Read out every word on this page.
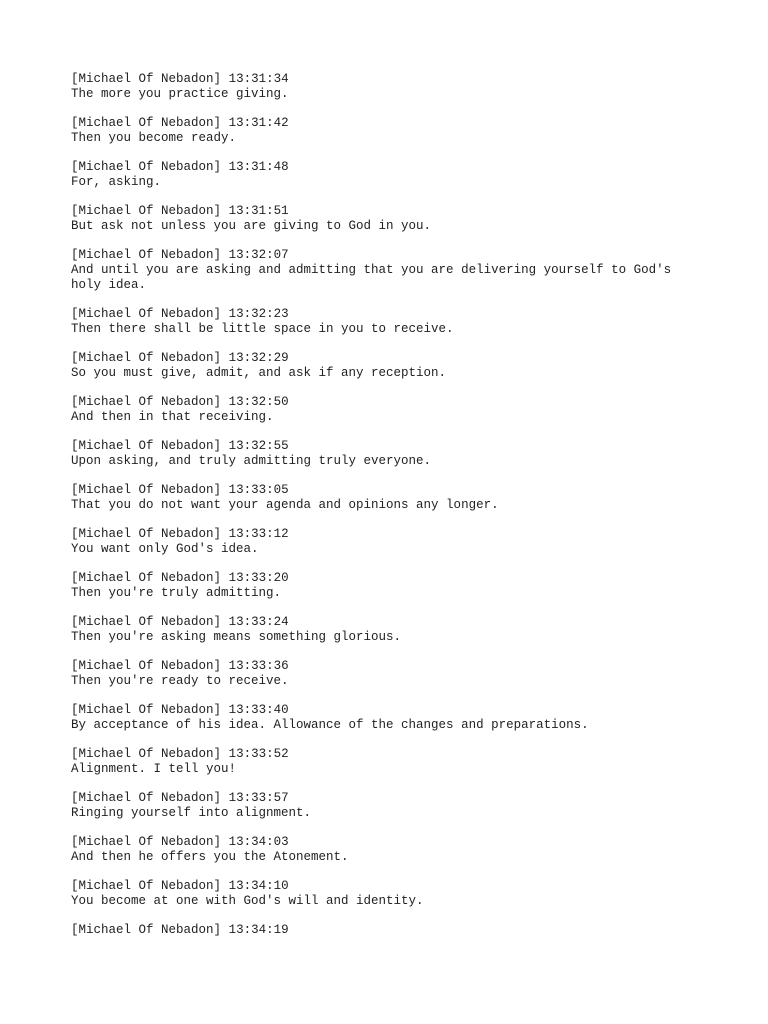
[Michael Of Nebadon] 13:31:34
The more you practice giving.
[Michael Of Nebadon] 13:31:42
Then you become ready.
[Michael Of Nebadon] 13:31:48
For, asking.
[Michael Of Nebadon] 13:31:51
But ask not unless you are giving to God in you.
[Michael Of Nebadon] 13:32:07
And until you are asking and admitting that you are delivering yourself to God's
holy idea.
[Michael Of Nebadon] 13:32:23
Then there shall be little space in you to receive.
[Michael Of Nebadon] 13:32:29
So you must give, admit, and ask if any reception.
[Michael Of Nebadon] 13:32:50
And then in that receiving.
[Michael Of Nebadon] 13:32:55
Upon asking, and truly admitting truly everyone.
[Michael Of Nebadon] 13:33:05
That you do not want your agenda and opinions any longer.
[Michael Of Nebadon] 13:33:12
You want only God's idea.
[Michael Of Nebadon] 13:33:20
Then you're truly admitting.
[Michael Of Nebadon] 13:33:24
Then you're asking means something glorious.
[Michael Of Nebadon] 13:33:36
Then you're ready to receive.
[Michael Of Nebadon] 13:33:40
By acceptance of his idea. Allowance of the changes and preparations.
[Michael Of Nebadon] 13:33:52
Alignment. I tell you!
[Michael Of Nebadon] 13:33:57
Ringing yourself into alignment.
[Michael Of Nebadon] 13:34:03
And then he offers you the Atonement.
[Michael Of Nebadon] 13:34:10
You become at one with God's will and identity.
[Michael Of Nebadon] 13:34:19
